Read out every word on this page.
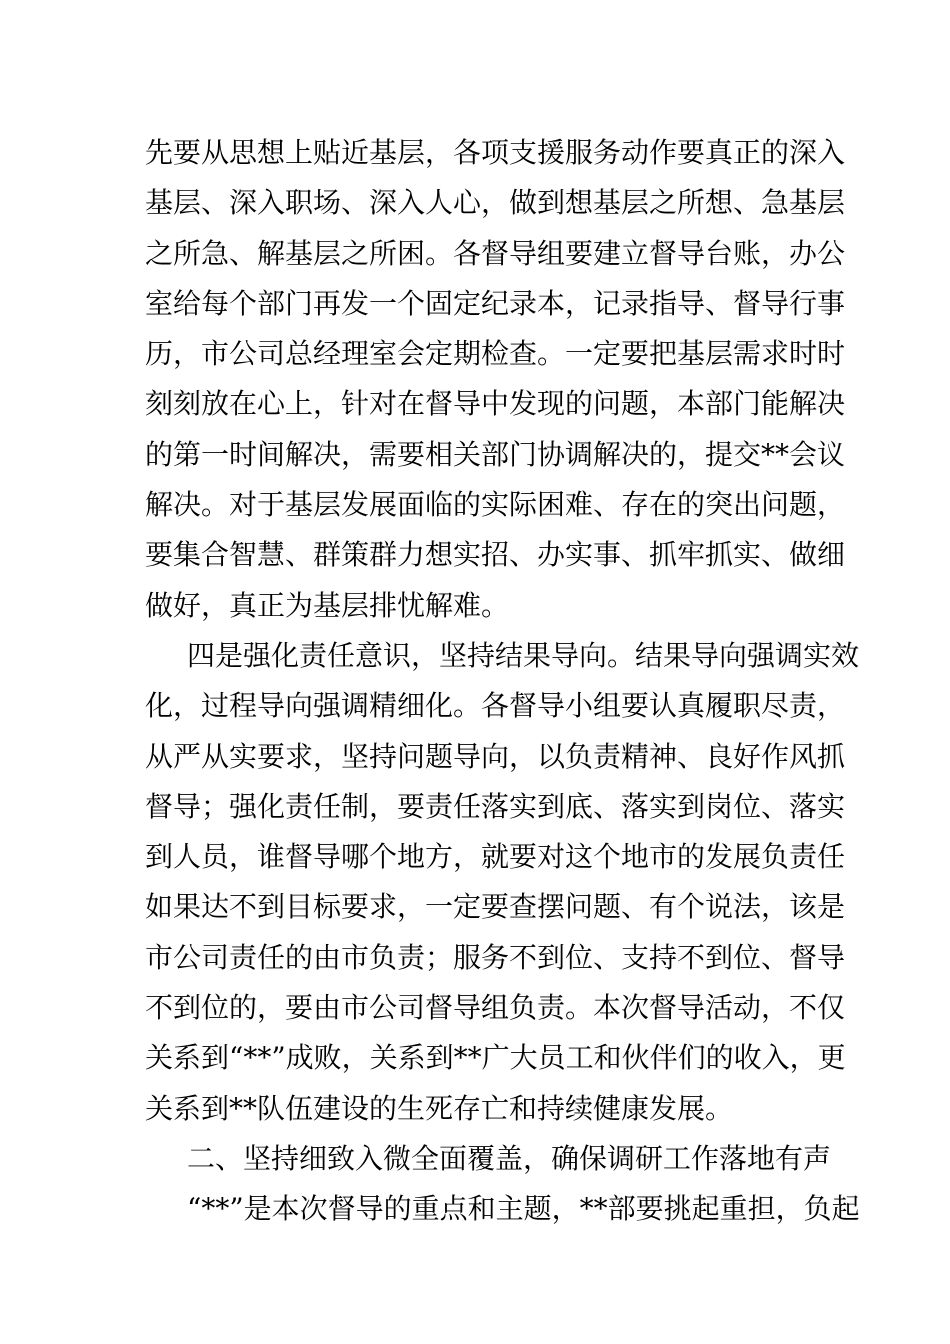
先要从思想上贴近基层，各项支援服务动作要真正的深入
基层、深入职场、深入人心，做到想基层之所想、急基层
之所急、解基层之所困。各督导组要建立督导台账，办公
室给每个部门再发一个固定纪录本，记录指导、督导行事
历，市公司总经理室会定期检查。一定要把基层需求时时
刻刻放在心上，针对在督导中发现的问题，本部门能解决
的第一时间解决，需要相关部门协调解决的，提交**会议
解决。对于基层发展面临的实际困难、存在的突出问题，
要集合智慧、群策群力想实招、办实事、抓牢抓实、做细
做好，真正为基层排忧解难。
四是强化责任意识，坚持结果导向。结果导向强调实效
化，过程导向强调精细化。各督导小组要认真履职尽责，
从严从实要求，坚持问题导向，以负责精神、良好作风抓
督导；强化责任制，要责任落实到底、落实到岗位、落实
到人员，谁督导哪个地方，就要对这个地市的发展负责任
如果达不到目标要求，一定要查摆问题、有个说法，该是
市公司责任的由市负责；服务不到位、支持不到位、督导
不到位的，要由市公司督导组负责。本次督导活动，不仅
关系到“**”成败，关系到**广大员工和伙伴们的收入，更
关系到**队伍建设的生死存亡和持续健康发展。
二、坚持细致入微全面覆盖，确保调研工作落地有声
“**”是本次督导的重点和主题，**部要挑起重担，负起
